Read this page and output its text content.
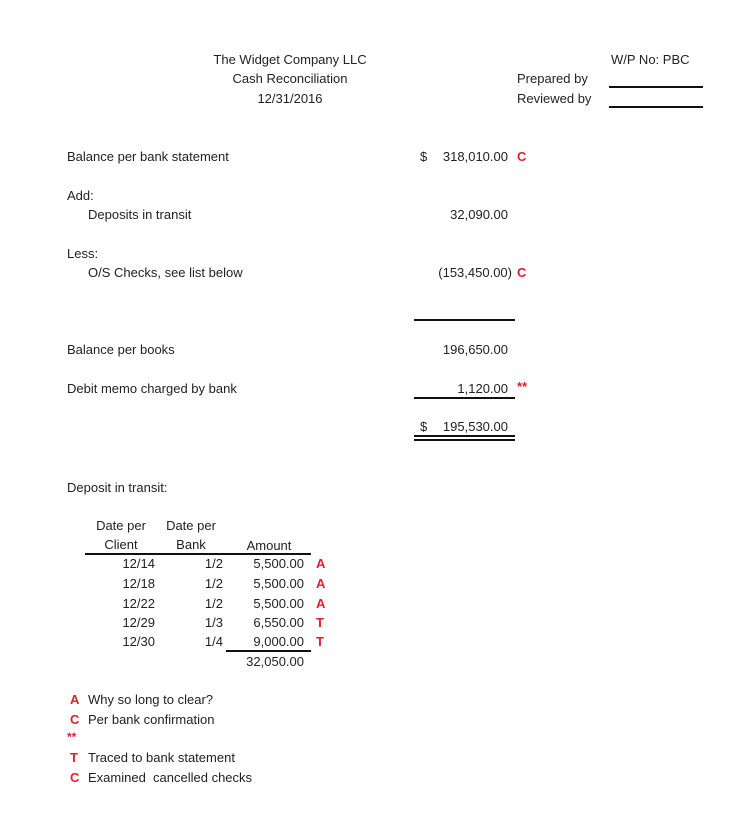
The Widget Company LLC
Cash Reconciliation
12/31/2016
W/P No: PBC
Prepared by
Reviewed by
Balance per bank statement	$	318,010.00 C
Add:
Deposits in transit	32,090.00
Less:
O/S Checks, see list below	(153,450.00) C
Balance per books	196,650.00
Debit memo charged by bank	1,120.00 **
$	195,530.00
Deposit in transit:
Date per
Client
Date per
Bank	Amount
12/14	1/2	5,500.00 A
12/18	1/2	5,500.00 A
12/22	1/2	5,500.00 A
12/29	1/3	6,550.00 T
12/30	1/4	9,000.00 T
32,050.00
A Why so long to clear?
C Per bank confirmation
**
T Traced to bank statement
C Examined  cancelled checks
